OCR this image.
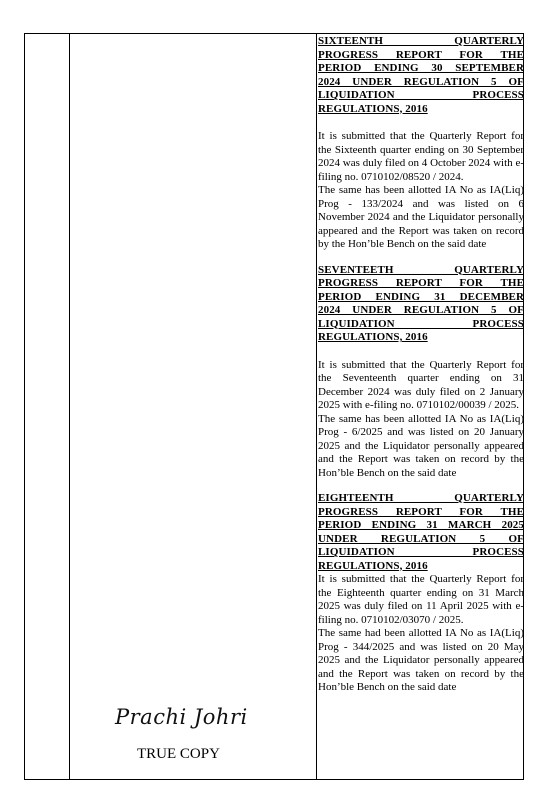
SIXTEENTH QUARTERLY
PROGRESS REPORT FOR THE
PERIOD ENDING 30 SEPTEMBER
2024 UNDER REGULATION 5 OF
LIQUIDATION PROCESS
REGULATIONS, 2016

It is submitted that the Quarterly Report for the Sixteenth quarter ending on 30 September 2024 was duly filed on 4 October 2024 with e-filing no. 0710102/08520 / 2024.

The same has been allotted IA No as IA(Liq) Prog - 133/2024 and was listed on 6 November 2024 and the Liquidator personally appeared and the Report was taken on record by the Hon’ble Bench on the said date

SEVENTEETH QUARTERLY
PROGRESS REPORT FOR THE
PERIOD ENDING 31 DECEMBER
2024 UNDER REGULATION 5 OF
LIQUIDATION PROCESS
REGULATIONS, 2016

It is submitted that the Quarterly Report for the Seventeenth quarter ending on 31 December 2024 was duly filed on 2 January 2025 with e-filing no. 0710102/00039 / 2025.

The same has been allotted IA No as IA(Liq) Prog - 6/2025 and was listed on 20 January 2025 and the Liquidator personally appeared and the Report was taken on record by the Hon’ble Bench on the said date

EIGHTEENTH QUARTERLY
PROGRESS REPORT FOR THE
PERIOD ENDING 31 MARCH 2025
UNDER REGULATION 5 OF
LIQUIDATION PROCESS
REGULATIONS, 2016

It is submitted that the Quarterly Report for the Eighteenth quarter ending on 31 March 2025 was duly filed on 11 April 2025 with e-filing no. 0710102/03070 / 2025.

The same had been allotted IA No as IA(Liq) Prog - 344/2025 and was listed on 20 May 2025 and the Liquidator personally appeared and the Report was taken on record by the Hon’ble Bench on the said date

Prachi Johri
TRUE COPY
